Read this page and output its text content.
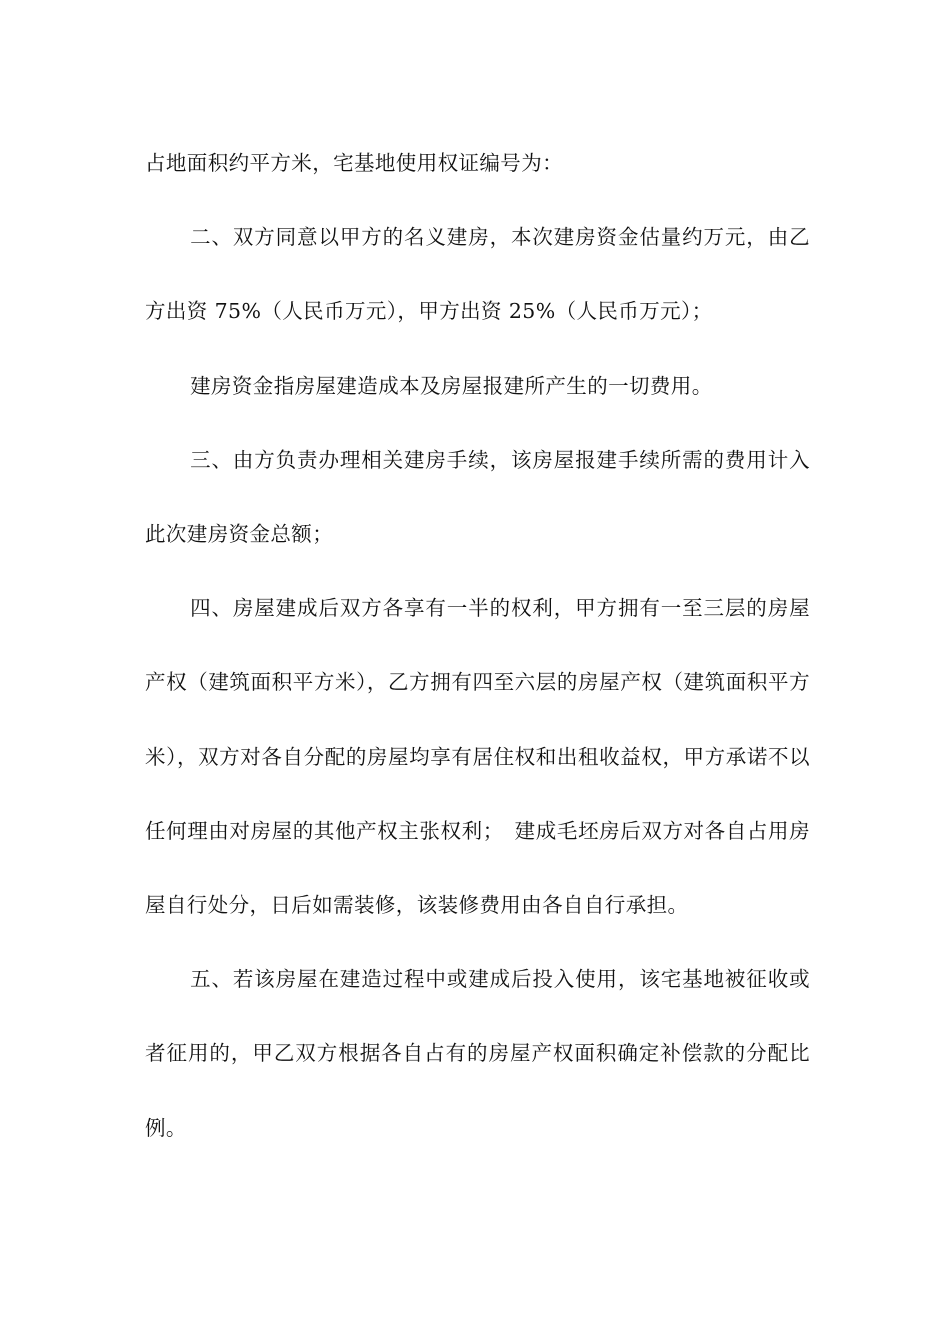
占地面积约平方米，宅基地使用权证编号为：

二、双方同意以甲方的名义建房，本次建房资金估量约万元，由乙方出资 75%（人民币万元），甲方出资 25%（人民币万元）；

建房资金指房屋建造成本及房屋报建所产生的一切费用。

三、由方负责办理相关建房手续，该房屋报建手续所需的费用计入此次建房资金总额；

四、房屋建成后双方各享有一半的权利，甲方拥有一至三层的房屋产权（建筑面积平方米），乙方拥有四至六层的房屋产权（建筑面积平方米），双方对各自分配的房屋均享有居住权和出租收益权，甲方承诺不以任何理由对房屋的其他产权主张权利；　建成毛坯房后双方对各自占用房屋自行处分，日后如需装修，该装修费用由各自自行承担。

五、若该房屋在建造过程中或建成后投入使用，该宅基地被征收或者征用的，甲乙双方根据各自占有的房屋产权面积确定补偿款的分配比例。
